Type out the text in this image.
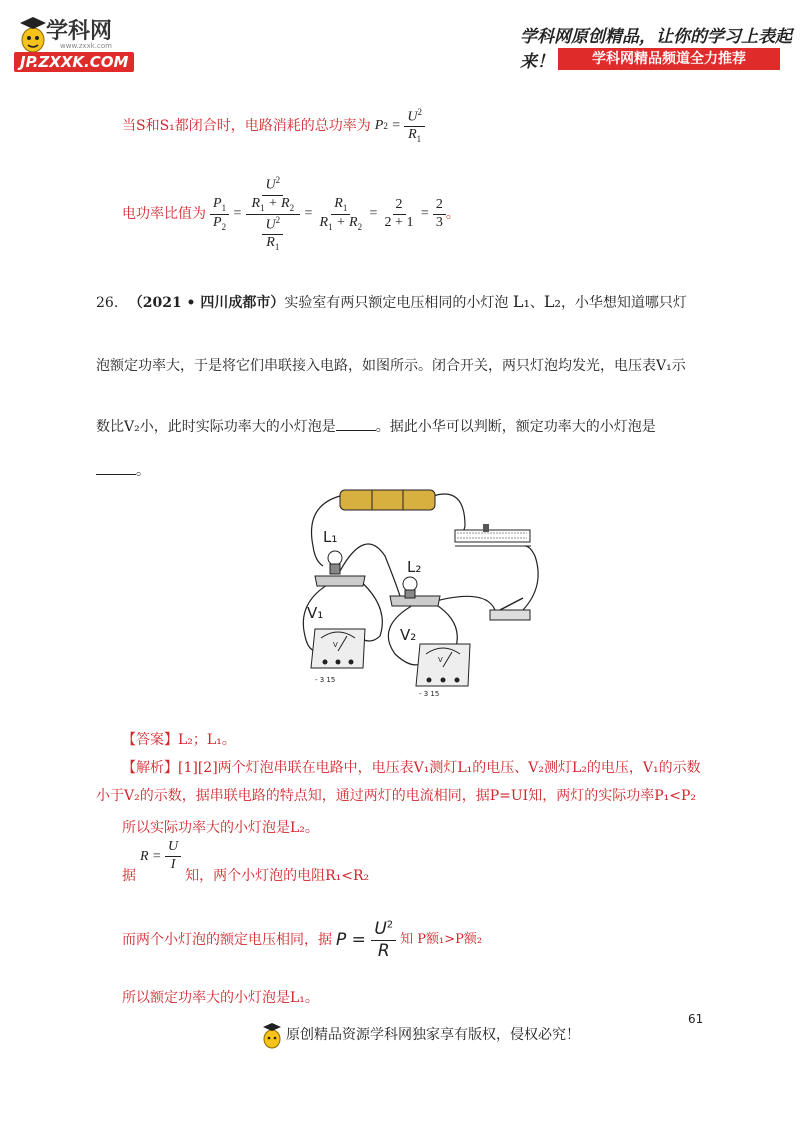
学科网
www.zxxk.com
JP.ZXXK.COM
学科网原创精品，让你的学习上表起来！	学科网精品频道全力推荐
当S和S₁都闭合时，电路消耗的总功率为 P $2 = \frac{U^2}{R_1}$
电功率比值为 $\frac{P_1}{P_2} = \frac{\frac{U^2}{R_1 + R_2}}{\frac{U^2}{R_1}} = \frac{R_1}{R_1 + R_2} = \frac{2}{2 + 1} = \frac{2}{3}$ 。
26. （2021 • 四川成都市）实验室有两只额定电压相同的小灯泡 L₁、L₂，小华想知道哪只灯
泡额定功率大，于是将它们串联接入电路，如图所示。闭合开关，两只灯泡均发光，电压表V₁示
数比V₂小，此时实际功率大的小灯泡是	。据此小华可以判断，额定功率大的小灯泡是
。
L₁
L₂
V₁
V₂
V
V
- 3 15
- 3 15
【答案】L₂；L₁。
【解析】[1][2]两个灯泡串联在电路中，电压表V₁测灯L₁的电压、V₂测灯L₂的电压，V₁的示数
小于V₂的示数，据串联电路的特点知，通过两灯的电流相同，据P=UI知，两灯的实际功率P₁<P₂
所以实际功率大的小灯泡是L₂。
据
$R = \frac{U}{I}$
知，两个小灯泡的电阻R₁<R₂
而两个小灯泡的额定电压相同，据 $P = \frac{U^2}{R}$ 知 P额₁>P额₂
所以额定功率大的小灯泡是L₁。
61
原创精品资源学科网独家享有版权，侵权必究！
